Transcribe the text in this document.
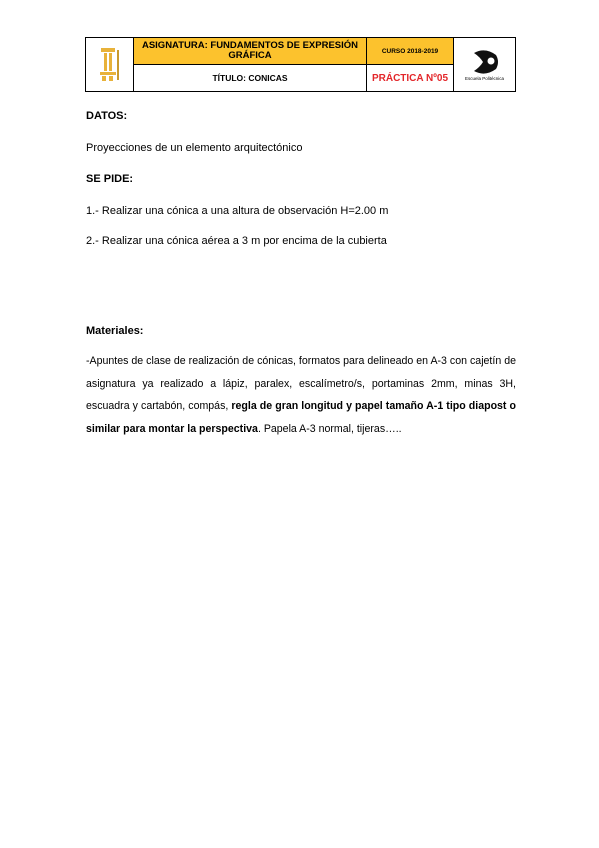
ASIGNATURA: FUNDAMENTOS DE EXPRESIÓN GRÁFICA	CURSO 2018-2019
TÍTULO: CONICAS	PRÁCTICA Nº05	Escuela Politécnica
DATOS:
Proyecciones de un elemento arquitectónico
SE PIDE:
1.- Realizar una cónica a una altura de observación H=2.00 m
2.- Realizar una cónica aérea a 3 m por encima de la cubierta
Materiales:
-Apuntes de clase de realización de cónicas, formatos para delineado en A-3 con cajetín de asignatura ya realizado a lápiz, paralex, escalímetro/s, portaminas 2mm, minas 3H, escuadra y cartabón, compás, regla de gran longitud y papel tamaño A-1 tipo diapost o similar para montar la perspectiva. Papela A-3 normal, tijeras…..
